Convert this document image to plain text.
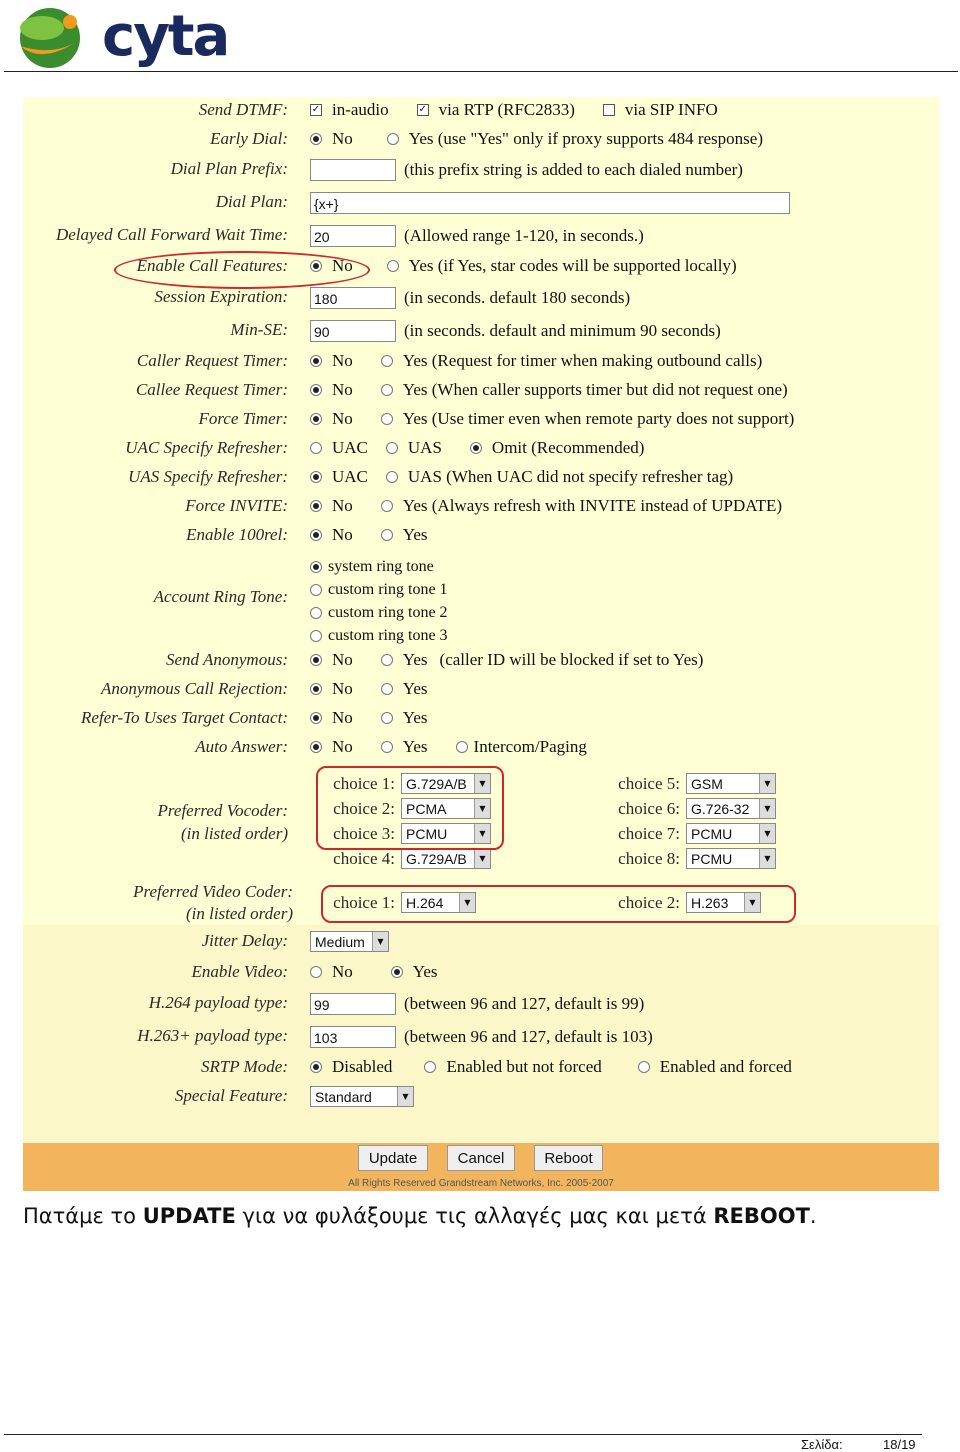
cyta
Send DTMF: ✓ in-audio	✓ via RTP (RFC2833)	via SIP INFO
Early Dial:	No	Yes (use "Yes" only if proxy supports 484 response)
Dial Plan Prefix:	(this prefix string is added to each dialed number)
Dial Plan: {x+}
Delayed Call Forward Wait Time: 20	(Allowed range 1-120, in seconds.)
Enable Call Features:	No	Yes (if Yes, star codes will be supported locally)
Session Expiration: 180	(in seconds. default 180 seconds)
Min-SE: 90	(in seconds. default and minimum 90 seconds)
Caller Request Timer:	No	Yes (Request for timer when making outbound calls)
Callee Request Timer:	No	Yes (When caller supports timer but did not request one)
Force Timer:	No	Yes (Use timer even when remote party does not support)
UAC Specify Refresher:	UAC UAS	Omit (Recommended)
UAS Specify Refresher:	UAC UAS (When UAC did not specify refresher tag)
Force INVITE:	No	Yes (Always refresh with INVITE instead of UPDATE)
Enable 100rel:	No	Yes
Account Ring Tone:
system ring tone

custom ring tone 1

custom ring tone 2

custom ring tone 3
Send Anonymous:	No	Yes (caller ID will be blocked if set to Yes)
Anonymous Call Rejection:	No	Yes
Refer-To Uses Target Contact:	No	Yes
Auto Answer:	No	Yes	Intercom/Paging
Preferred Vocoder:
(in listed order)
choice 1: G.729A/B	▼
choice 2: PCMA	▼
choice 3: PCMU	▼
choice 4: G.729A/B	▼
choice 5: GSM	▼
choice 6: G.726-32	▼
choice 7: PCMU	▼
choice 8: PCMU	▼
Preferred Video Coder:
(in listed order)
choice 1: H.264	▼	choice 2: H.263	▼
Jitter Delay: Medium	▼
Enable Video:	No	Yes
H.264 payload type: 99	(between 96 and 127, default is 99)
H.263+ payload type: 103	(between 96 and 127, default is 103)
SRTP Mode:	Disabled	Enabled but not forced	Enabled and forced
Special Feature: Standard	▼
Update	Cancel	Reboot
All Rights Reserved Grandstream Networks, Inc. 2005-2007
Πατάμε το UPDATE για να φυλάξουμε τις αλλαγές μας και μετά REBOOT.
Σελίδα:	18/19
